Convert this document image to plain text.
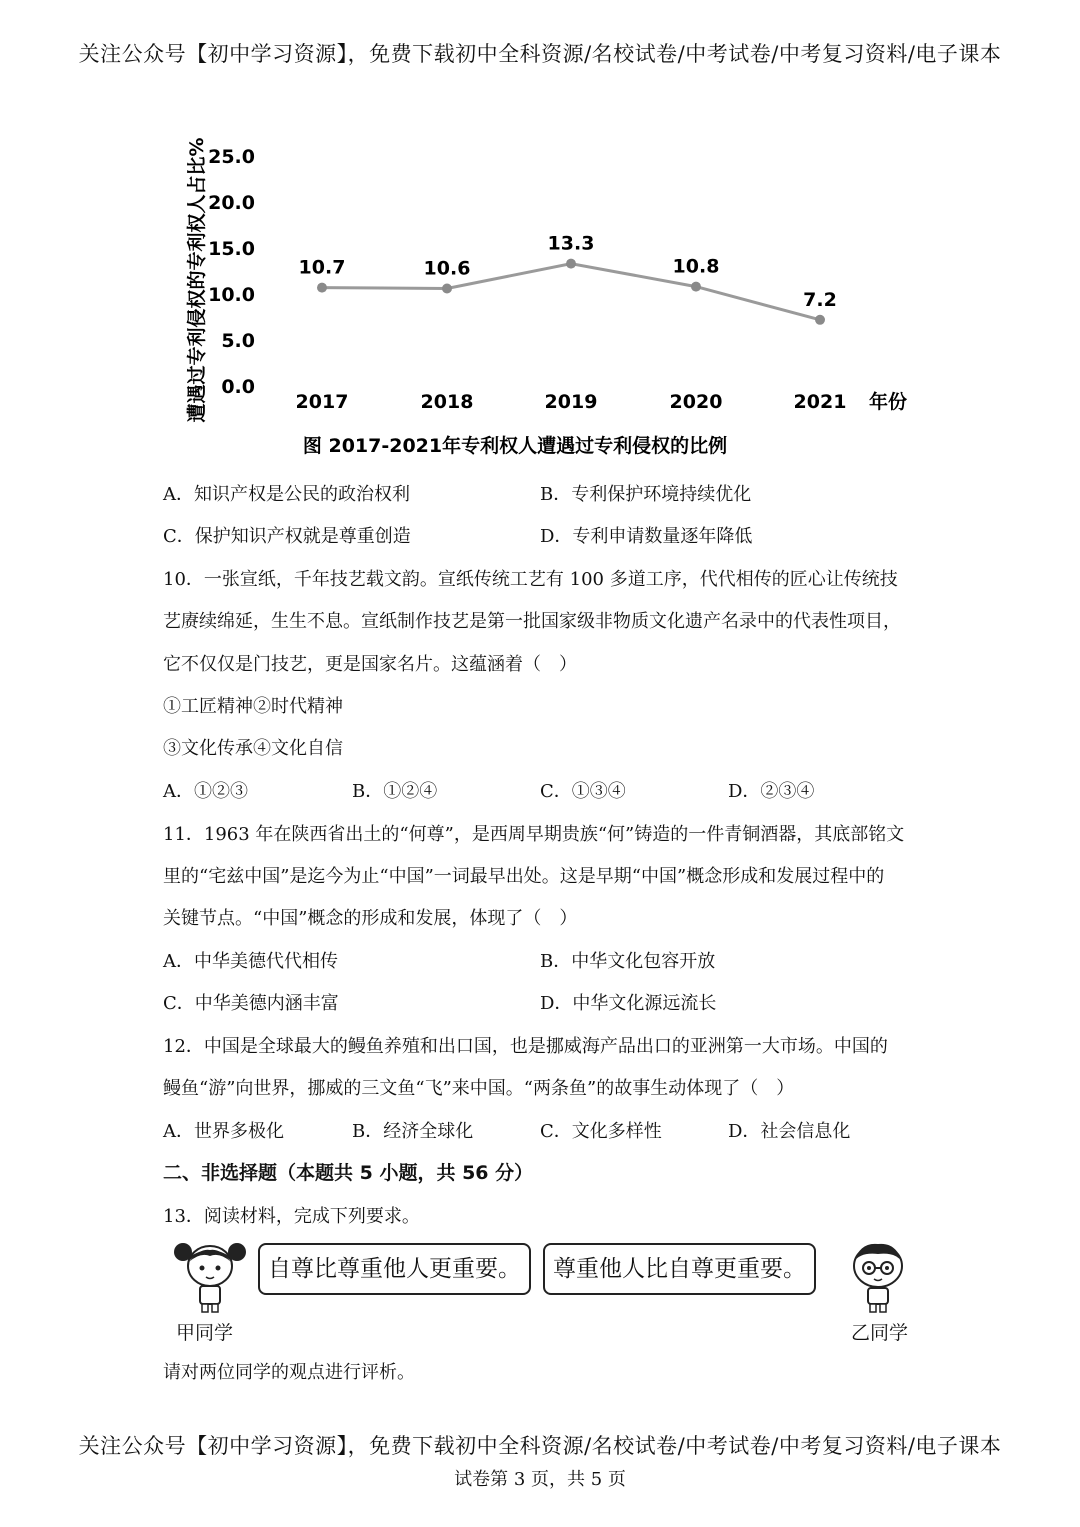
关注公众号【初中学习资源】，免费下载初中全科资源/名校试卷/中考试卷/中考复习资料/电子课本
遭遇过专利侵权的专利权人占比% 0.0
5.0
10.0
15.0
20.0
25.0
2017	2018	2019	2020	2021
10.7	10.6
13.3
10.8
7.2
年份
图 2017-2021年专利权人遭遇过专利侵权的比例
A．知识产权是公民的政治权利	B．专利保护环境持续优化
C．保护知识产权就是尊重创造	D．专利申请数量逐年降低
10．一张宣纸，千年技艺载文韵。宣纸传统工艺有 100 多道工序，代代相传的匠心让传统技
艺赓续绵延，生生不息。宣纸制作技艺是第一批国家级非物质文化遗产名录中的代表性项目，
它不仅仅是门技艺，更是国家名片。这蕴涵着（　）
①工匠精神②时代精神
③文化传承④文化自信
A．①②③	B．①②④	C．①③④	D．②③④
11．1963 年在陕西省出土的“何尊”，是西周早期贵族“何”铸造的一件青铜酒器，其底部铭文
里的“宅兹中国”是迄今为止“中国”一词最早出处。这是早期“中国”概念形成和发展过程中的
关键节点。“中国”概念的形成和发展，体现了（　）
A．中华美德代代相传	B．中华文化包容开放
C．中华美德内涵丰富	D．中华文化源远流长
12．中国是全球最大的鳗鱼养殖和出口国，也是挪威海产品出口的亚洲第一大市场。中国的
鳗鱼“游”向世界，挪威的三文鱼“飞”来中国。“两条鱼”的故事生动体现了（　）
A．世界多极化	B．经济全球化	C．文化多样性	D．社会信息化
二、非选择题（本题共 5 小题，共 56 分）
13．阅读材料，完成下列要求。
自尊比尊重他人更重要。	尊重他人比自尊更重要。
甲同学	乙同学
请对两位同学的观点进行评析。
关注公众号【初中学习资源】，免费下载初中全科资源/名校试卷/中考试卷/中考复习资料/电子课本
试卷第 3 页，共 5 页
